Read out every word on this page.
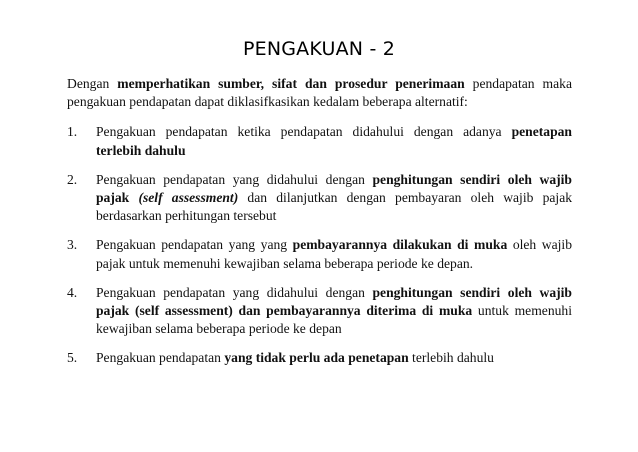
PENGAKUAN - 2

Dengan memperhatikan sumber, sifat dan prosedur penerimaan pendapatan maka pengakuan pendapatan dapat diklasifkasikan kedalam beberapa alternatif:

1. Pengakuan pendapatan ketika pendapatan didahului dengan adanya penetapan terlebih dahulu
2. Pengakuan pendapatan yang didahului dengan penghitungan sendiri oleh wajib pajak (self assessment) dan dilanjutkan dengan pembayaran oleh wajib pajak berdasarkan perhitungan tersebut
3. Pengakuan pendapatan yang yang pembayarannya dilakukan di muka oleh wajib pajak untuk memenuhi kewajiban selama beberapa periode ke depan.
4. Pengakuan pendapatan yang didahului dengan penghitungan sendiri oleh wajib pajak (self assessment) dan pembayarannya diterima di muka untuk memenuhi kewajiban selama beberapa periode ke depan
5. Pengakuan pendapatan yang tidak perlu ada penetapan terlebih dahulu
